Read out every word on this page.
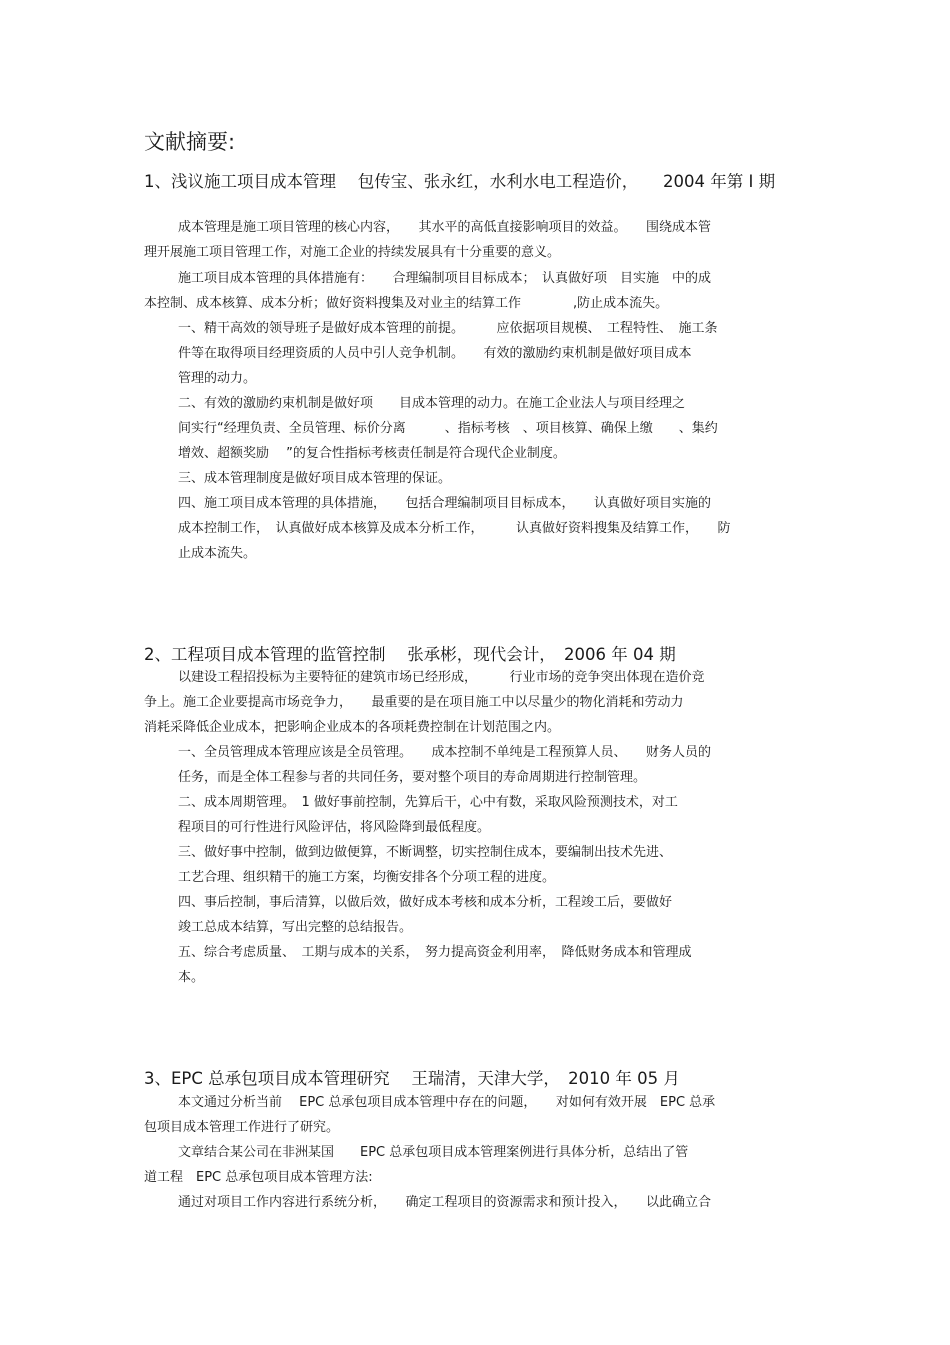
文献摘要:
1、浅议施工项目成本管理　 包传宝、张永红，水利水电工程造价，　　2004 年第 I 期

成本管理是施工项目管理的核心内容，　　其水平的高低直接影响项目的效益。　　围绕成本管

理开展施工项目管理工作，对施工企业的持续发展具有十分重要的意义。

施工项目成本管理的具体措施有：　　合理编制项目目标成本；　认真做好项　目实施　中的成

本控制、成本核算、成本分析；做好资料搜集及对业主的结算工作　　　　,防止成本流失。

一、精干高效的领导班子是做好成本管理的前提。　　　应依据项目规模、　工程特性、　施工条

件等在取得项目经理资质的人员中引人竞争机制。　　有效的激励约束机制是做好项目成本

管理的动力。

二、有效的激励约束机制是做好项　　目成本管理的动力。在施工企业法人与项目经理之

间实行“经理负责、全员管理、标价分离　　　、指标考核　、项目核算、确保上缴　　、集约

增效、超额奖励　 ”的复合性指标考核责任制是符合现代企业制度。

三、成本管理制度是做好项目成本管理的保证。

四、施工项目成本管理的具体措施，　　包括合理编制项目目标成本，　　认真做好项目实施的

成本控制工作，　认真做好成本核算及成本分析工作，　　　认真做好资料搜集及结算工作，　　防

止成本流失。

2、工程项目成本管理的监管控制　 张承彬，现代会计，　2006 年 04 期

以建设工程招投标为主要特征的建筑市场已经形成，　　　行业市场的竞争突出体现在造价竞

争上。施工企业要提高市场竞争力，　　最重要的是在项目施工中以尽量少的物化消耗和劳动力

消耗采降低企业成本，把影响企业成本的各项耗费控制在计划范围之内。

一、全员管理成本管理应该是全员管理。　　成本控制不单纯是工程预算人员、　　财务人员的

任务，而是全体工程参与者的共同任务，要对整个项目的寿命周期进行控制管理。

二、成本周期管理。　1 做好事前控制，先算后干，心中有数，采取风险预测技术，对工

程项目的可行性进行风险评估，将风险降到最低程度。

三、做好事中控制，做到边做便算，不断调整，切实控制住成本，要编制出技术先进、

工艺合理、组织精干的施工方案，均衡安排各个分项工程的进度。

四、事后控制，事后清算，以做后效，做好成本考核和成本分析，工程竣工后，要做好

竣工总成本结算，写出完整的总结报告。

五、综合考虑质量、　工期与成本的关系，　努力提高资金利用率，　降低财务成本和管理成

本。

3、EPC 总承包项目成本管理研究　 王瑞清，天津大学，　2010 年 05 月

本文通过分析当前　 EPC 总承包项目成本管理中存在的问题，　　对如何有效开展　EPC 总承

包项目成本管理工作进行了研究。

文章结合某公司在非洲某国　　EPC 总承包项目成本管理案例进行具体分析，总结出了管

道工程　EPC 总承包项目成本管理方法:

通过对项目工作内容进行系统分析，　　确定工程项目的资源需求和预计投入，　　以此确立合
